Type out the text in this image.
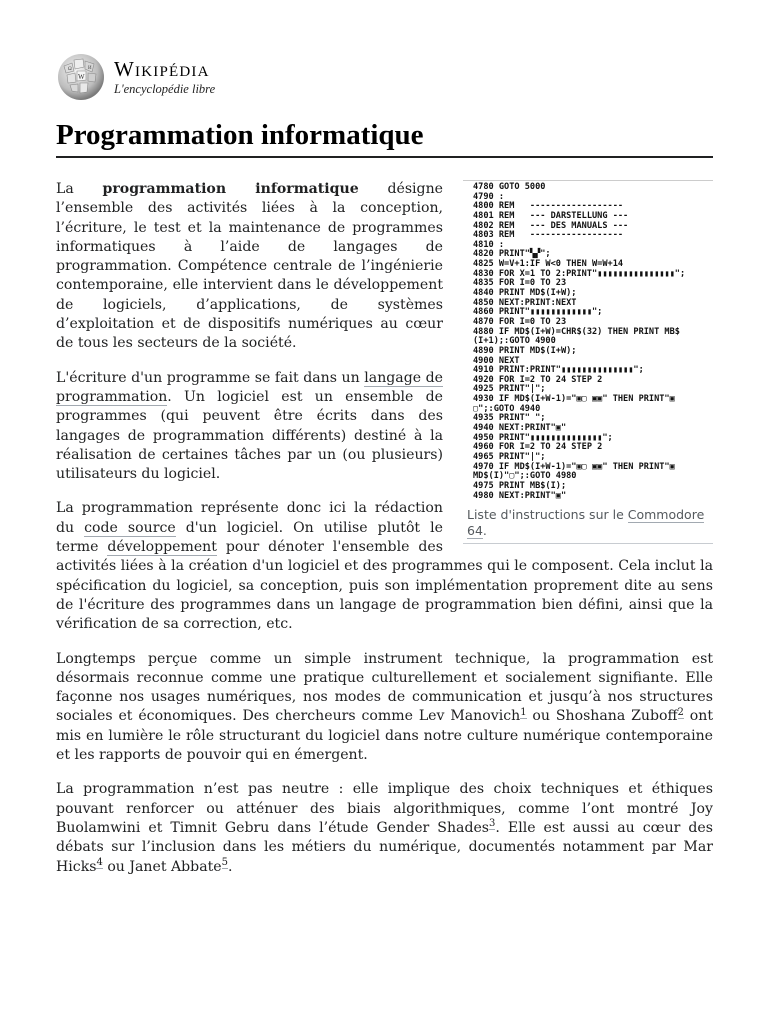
W
Ω	И Wikipédia
L'encyclopédie libre
Programmation informatique
4780 GOTO 5000
4790 :
4800 REM   ------------------
4801 REM   --- DARSTELLUNG ---
4802 REM   --- DES MANUALS ---
4803 REM   ------------------
4810 :
4820 PRINT"▚▞";
4825 W=V+1:IF W<0 THEN W=W+14
4830 FOR X=1 TO 2:PRINT"▮▮▮▮▮▮▮▮▮▮▮▮▮▮▮";
4835 FOR I=0 TO 23
4840 PRINT MD$(I+W);
4850 NEXT:PRINT:NEXT
4860 PRINT"▮▮▮▮▮▮▮▮▮▮▮▮";
4870 FOR I=0 TO 23
4880 IF MD$(I+W)=CHR$(32) THEN PRINT MB$
(I+1);:GOTO 4900
4890 PRINT MD$(I+W);
4900 NEXT
4910 PRINT:PRINT"▮▮▮▮▮▮▮▮▮▮▮▮▮▮";
4920 FOR I=2 TO 24 STEP 2
4925 PRINT"|";
4930 IF MD$(I+W-1)="▣▢ ▣▣" THEN PRINT"▣
▢";:GOTO 4940
4935 PRINT" ";
4940 NEXT:PRINT"▣"
4950 PRINT"▮▮▮▮▮▮▮▮▮▮▮▮▮▮";
4960 FOR I=2 TO 24 STEP 2
4965 PRINT"|";
4970 IF MD$(I+W-1)="▣▢ ▣▣" THEN PRINT"▣
MD$(I)"▢";:GOTO 4980
4975 PRINT MB$(I);
4980 NEXT:PRINT"▣"
Liste d'instructions sur le Commodore 64.

La programmation informatique désigne l’ensemble des activités liées à la conception, l’écriture, le test et la maintenance de programmes informatiques à l’aide de langages de programmation. Compétence centrale de l’ingénierie contemporaine, elle intervient dans le développement de logiciels, d’applications, de systèmes d’exploitation et de dispositifs numériques au cœur de tous les secteurs de la société.

L'écriture d'un programme se fait dans un langage de programmation. Un logiciel est un ensemble de programmes (qui peuvent être écrits dans des langages de programmation différents) destiné à la réalisation de certaines tâches par un (ou plusieurs) utilisateurs du logiciel.

La programmation représente donc ici la rédaction du code source d'un logiciel. On utilise plutôt le terme développement pour dénoter l'ensemble des activités liées à la création d'un logiciel et des programmes qui le composent. Cela inclut la spécification du logiciel, sa conception, puis son implémentation proprement dite au sens de l'écriture des programmes dans un langage de programmation bien défini, ainsi que la vérification de sa correction, etc.

Longtemps perçue comme un simple instrument technique, la programmation est désormais reconnue comme une pratique culturellement et socialement signifiante. Elle façonne nos usages numériques, nos modes de communication et jusqu’à nos structures sociales et économiques. Des chercheurs comme Lev Manovich$^1$ ou Shoshana Zuboff$^2$ ont mis en lumière le rôle structurant du logiciel dans notre culture numérique contemporaine et les rapports de pouvoir qui en émergent.

La programmation n’est pas neutre : elle implique des choix techniques et éthiques pouvant renforcer ou atténuer des biais algorithmiques, comme l’ont montré Joy Buolamwini et Timnit Gebru dans l’étude Gender Shades$^3$. Elle est aussi au cœur des débats sur l’inclusion dans les métiers du numérique, documentés notamment par Mar Hicks$^4$ ou Janet Abbate$^5$.
